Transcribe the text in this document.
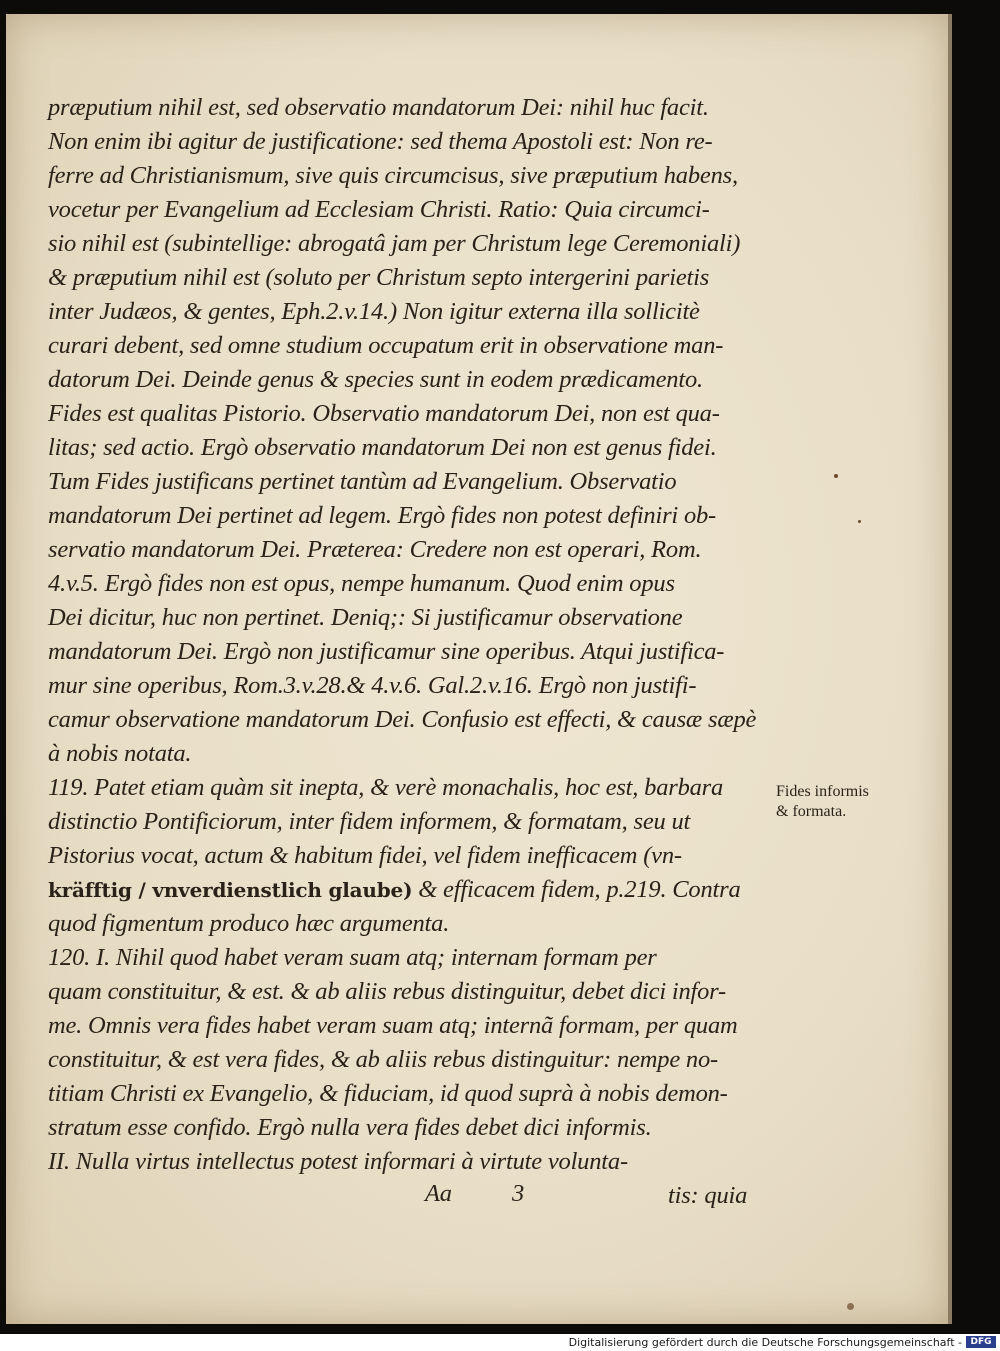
præputium nihil est, sed observatio mandatorum Dei: nihil huc facit.
Non enim ibi agitur de justificatione: sed thema Apostoli est: Non re-
ferre ad Christianismum, sive quis circumcisus, sive præputium habens,
vocetur per Evangelium ad Ecclesiam Christi. Ratio: Quia circumci-
sio nihil est (subintellige: abrogatâ jam per Christum lege Ceremoniali)
& præputium nihil est (soluto per Christum septo intergerini parietis
inter Judæos, & gentes, Eph.2.v.14.) Non igitur externa illa sollicitè
curari debent, sed omne studium occupatum erit in observatione man-
datorum Dei. Deinde genus & species sunt in eodem prædicamento.
Fides est qualitas Pistorio. Observatio mandatorum Dei, non est qua-
litas; sed actio. Ergò observatio mandatorum Dei non est genus fidei.
Tum Fides justificans pertinet tantùm ad Evangelium. Observatio
mandatorum Dei pertinet ad legem. Ergò fides non potest definiri ob-
servatio mandatorum Dei. Præterea: Credere non est operari, Rom.
4.v.5. Ergò fides non est opus, nempe humanum. Quod enim opus
Dei dicitur, huc non pertinet. Deniq;: Si justificamur observatione
mandatorum Dei. Ergò non justificamur sine operibus. Atqui justifica-
mur sine operibus, Rom.3.v.28.& 4.v.6. Gal.2.v.16. Ergò non justifi-
camur observatione mandatorum Dei. Confusio est effecti, & causæ sæpè
à nobis notata.
119. Patet etiam quàm sit inepta, & verè monachalis, hoc est, barbara
distinctio Pontificiorum, inter fidem informem, & formatam, seu ut
Pistorius vocat, actum & habitum fidei, vel fidem inefficacem (vn-
kräfftig / vnverdienstlich glaube) & efficacem fidem, p.219. Contra
quod figmentum produco hæc argumenta.
120. I. Nihil quod habet veram suam atq; internam formam per
quam constituitur, & est. & ab aliis rebus distinguitur, debet dici infor-
me. Omnis vera fides habet veram suam atq; internã formam, per quam
constituitur, & est vera fides, & ab aliis rebus distinguitur: nempe no-
titiam Christi ex Evangelio, & fiduciam, id quod suprà à nobis demon-
stratum esse confido. Ergò nulla vera fides debet dici informis.
II. Nulla virtus intellectus potest informari à virtute volunta-
Fides informis
& formata.
Aa 3	tis: quia
Digitalisierung gefördert durch die Deutsche Forschungsgemeinschaft - DFG
